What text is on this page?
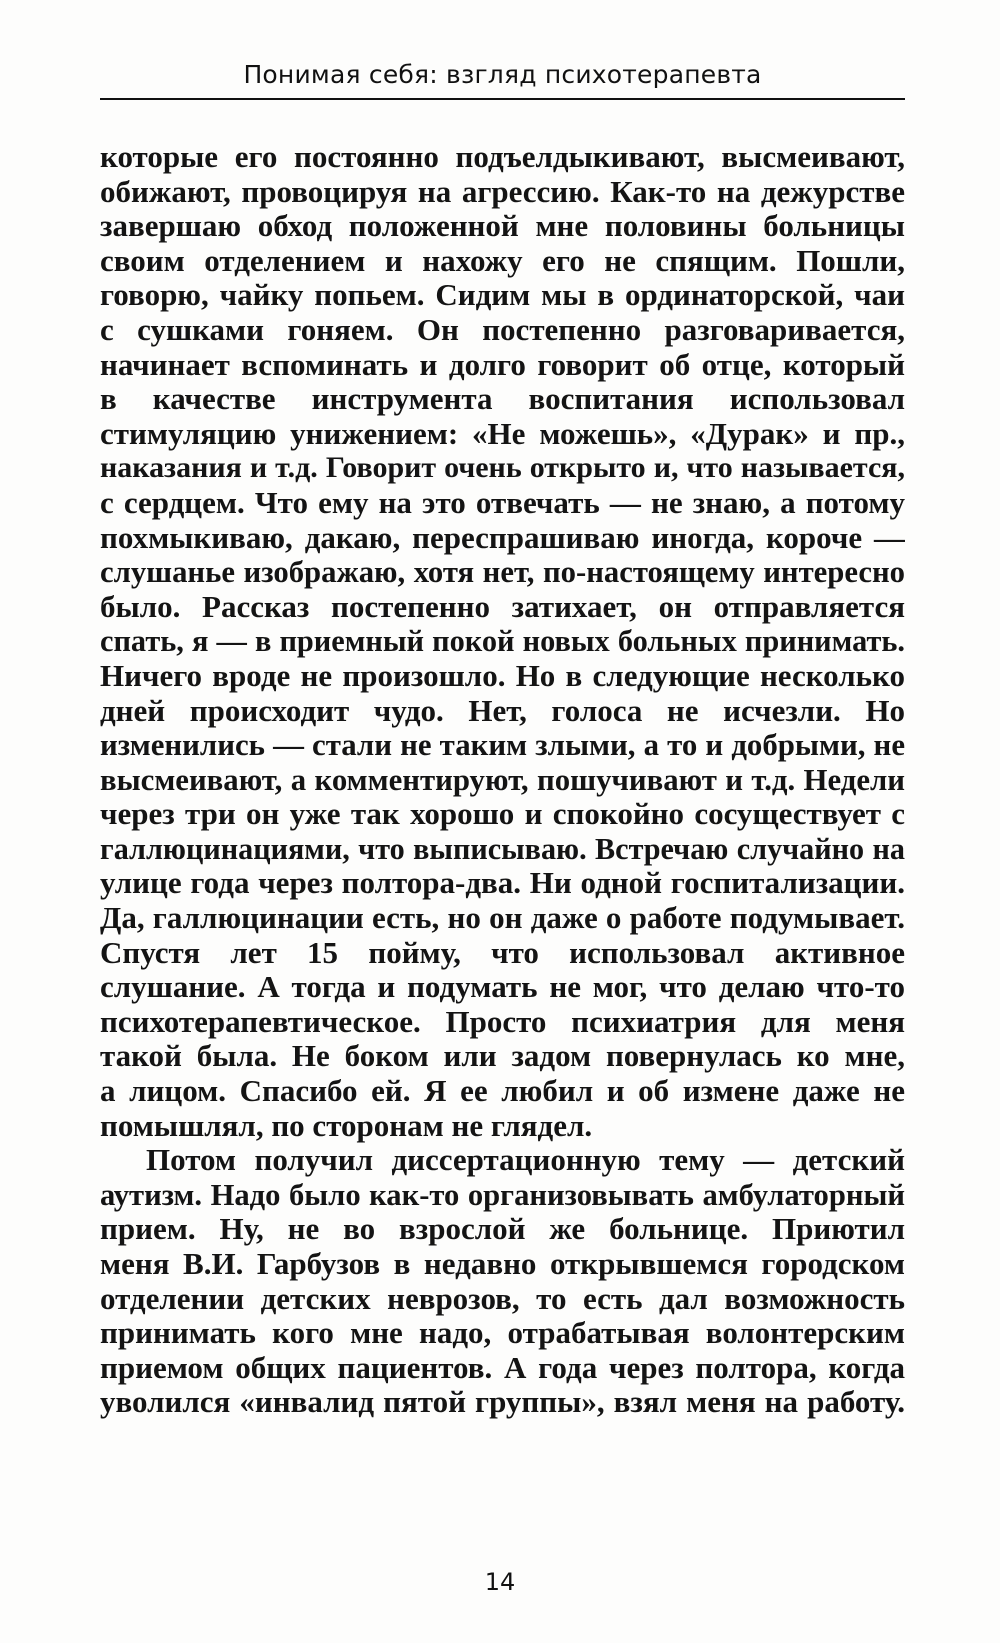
Понимая себя: взгляд психотерапевта
которые его постоянно подъелдыкивают, высмеивают,
обижают, провоцируя на агрессию. Как-то на дежурстве
завершаю обход положенной мне половины больницы
своим отделением и нахожу его не спящим. Пошли,
говорю, чайку попьем. Сидим мы в ординаторской, чаи
с сушками гоняем. Он постепенно разговаривается,
начинает вспоминать и долго говорит об отце, который
в качестве инструмента воспитания использовал
стимуляцию унижением: «Не можешь», «Дурак» и пр.,
наказания и т.д. Говорит очень открыто и, что называется,
с сердцем. Что ему на это отвечать — не знаю, а потому
похмыкиваю, дакаю, переспрашиваю иногда, короче —
слушанье изображаю, хотя нет, по-настоящему интересно
было. Рассказ постепенно затихает, он отправляется
спать, я — в приемный покой новых больных принимать.
Ничего вроде не произошло. Но в следующие несколько
дней происходит чудо. Нет, голоса не исчезли. Но
изменились — стали не таким злыми, а то и добрыми, не
высмеивают, а комментируют, пошучивают и т.д. Недели
через три он уже так хорошо и спокойно сосуществует с
галлюцинациями, что выписываю. Встречаю случайно на
улице года через полтора-два. Ни одной госпитализации.
Да, галлюцинации есть, но он даже о работе подумывает.
Спустя лет 15 пойму, что использовал активное
слушание. А тогда и подумать не мог, что делаю что-то
психотерапевтическое. Просто психиатрия для меня
такой была. Не боком или задом повернулась ко мне,
а лицом. Спасибо ей. Я ее любил и об измене даже не
помышлял, по сторонам не глядел.
Потом получил диссертационную тему — детский
аутизм. Надо было как-то организовывать амбулаторный
прием. Ну, не во взрослой же больнице. Приютил
меня В.И. Гарбузов в недавно открывшемся городском
отделении детских неврозов, то есть дал возможность
принимать кого мне надо, отрабатывая волонтерским
приемом общих пациентов. А года через полтора, когда
уволился «инвалид пятой группы», взял меня на работу.
14
